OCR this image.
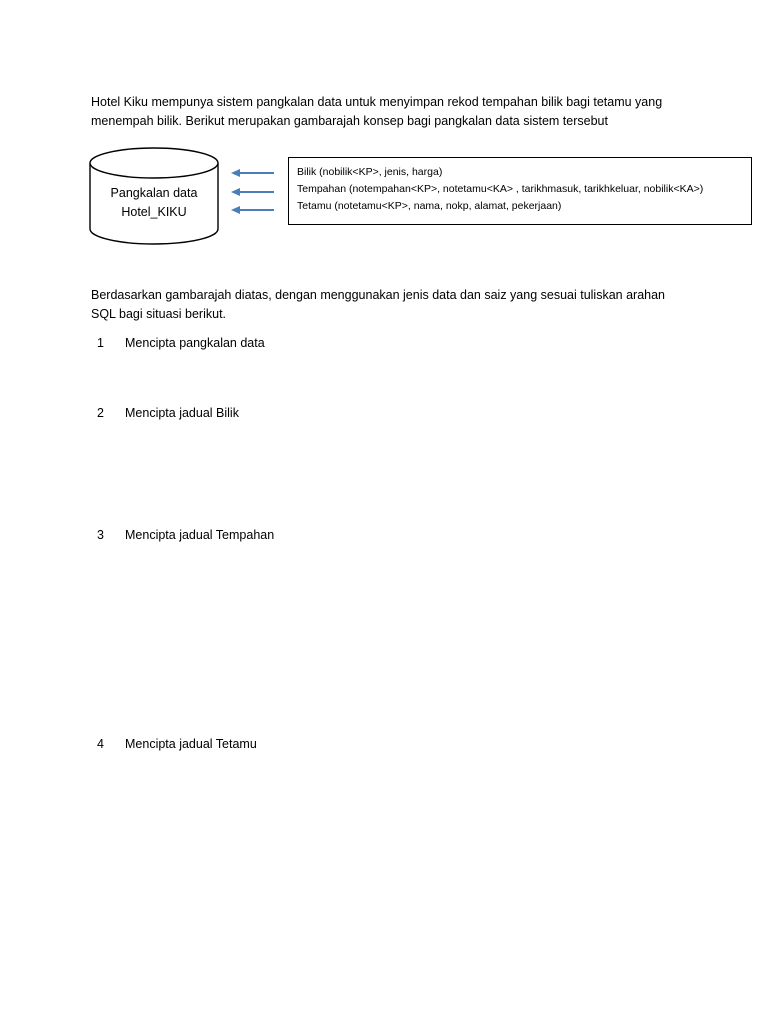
Hotel Kiku mempunya sistem pangkalan data untuk menyimpan rekod tempahan bilik bagi tetamu yang
menempah bilik. Berikut merupakan gambarajah konsep bagi pangkalan data sistem tersebut

Pangkalan data
Hotel_KIKU
Bilik (nobilik<KP>, jenis, harga)
Tempahan (notempahan<KP>, notetamu<KA> , tarikhmasuk, tarikhkeluar, nobilik<KA>)
Tetamu (notetamu<KP>, nama, nokp, alamat, pekerjaan)

Berdasarkan gambarajah diatas, dengan menggunakan jenis data dan saiz yang sesuai tuliskan arahan
SQL bagi situasi berikut.

1 Mencipta pangkalan data
2 Mencipta jadual Bilik
3 Mencipta jadual Tempahan
4 Mencipta jadual Tetamu
